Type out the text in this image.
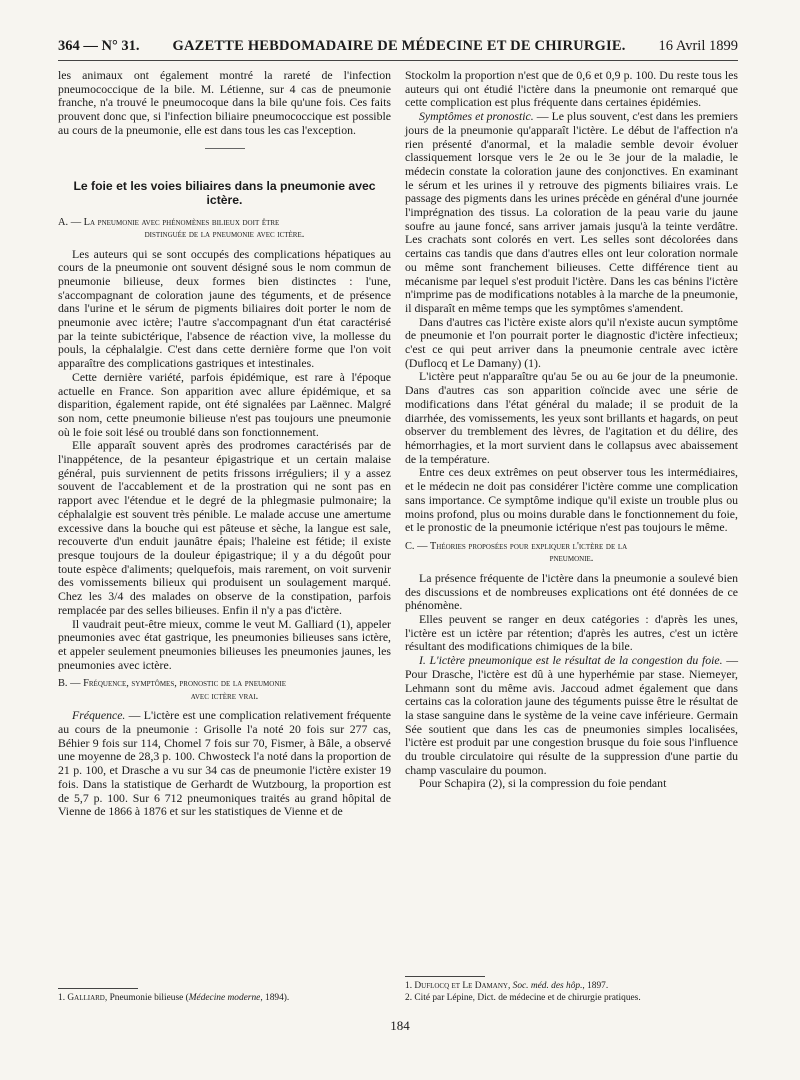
364 — N° 31. GAZETTE HEBDOMADAIRE DE MÉDECINE ET DE CHIRURGIE. 16 Avril 1899

les animaux ont également montré la rareté de l'infection pneumococcique de la bile. M. Létienne, sur 4 cas de pneumonie franche, n'a trouvé le pneumocoque dans la bile qu'une fois. Ces faits prouvent donc que, si l'infection biliaire pneumococcique est possible au cours de la pneumonie, elle est dans tous les cas l'exception.

Le foie et les voies biliaires dans la pneumonie avec ictère.
A. — La pneumonie avec phénomènes bilieux doit être
distinguée de la pneumonie avec ictère.

Les auteurs qui se sont occupés des complications hépatiques au cours de la pneumonie ont souvent désigné sous le nom commun de pneumonie bilieuse, deux formes bien distinctes : l'une, s'accompagnant de coloration jaune des téguments, et de présence dans l'urine et le sérum de pigments biliaires doit porter le nom de pneumonie avec ictère; l'autre s'accompagnant d'un état caractérisé par la teinte subictérique, l'absence de réaction vive, la mollesse du pouls, la céphalalgie. C'est dans cette dernière forme que l'on voit apparaître des complications gastriques et intestinales.

Cette dernière variété, parfois épidémique, est rare à l'époque actuelle en France. Son apparition avec allure épidémique, et sa disparition, également rapide, ont été signalées par Laënnec. Malgré son nom, cette pneumonie bilieuse n'est pas toujours une pneumonie où le foie soit lésé ou troublé dans son fonctionnement.

Elle apparaît souvent après des prodromes caractérisés par de l'inappétence, de la pesanteur épigastrique et un certain malaise général, puis surviennent de petits frissons irréguliers; il y a assez souvent de l'accablement et de la prostration qui ne sont pas en rapport avec l'étendue et le degré de la phlegmasie pulmonaire; la céphalalgie est souvent très pénible. Le malade accuse une amertume excessive dans la bouche qui est pâteuse et sèche, la langue est sale, recouverte d'un enduit jaunâtre épais; l'haleine est fétide; il existe presque toujours de la douleur épigastrique; il y a du dégoût pour toute espèce d'aliments; quelquefois, mais rarement, on voit survenir des vomissements bilieux qui produisent un soulagement marqué. Chez les 3/4 des malades on observe de la constipation, parfois remplacée par des selles bilieuses. Enfin il n'y a pas d'ictère.

Il vaudrait peut-être mieux, comme le veut M. Galliard (1), appeler pneumonies avec état gastrique, les pneumonies bilieuses sans ictère, et appeler seulement pneumonies bilieuses les pneumonies jaunes, les pneumonies avec ictère.

B. — Fréquence, symptômes, pronostic de la pneumonie
avec ictère vrai.

Fréquence. — L'ictère est une complication relativement fréquente au cours de la pneumonie : Grisolle l'a noté 20 fois sur 277 cas, Béhier 9 fois sur 114, Chomel 7 fois sur 70, Fismer, à Bâle, a observé une moyenne de 28,3 p. 100. Chwosteck l'a noté dans la proportion de 21 p. 100, et Drasche a vu sur 34 cas de pneumonie l'ictère exister 19 fois. Dans la statistique de Gerhardt de Wutzbourg, la proportion est de 5,7 p. 100. Sur 6 712 pneumoniques traités au grand hôpital de Vienne de 1866 à 1876 et sur les statistiques de Vienne et de

1. Galliard, Pneumonie bilieuse (Médecine moderne, 1894).

Stockolm la proportion n'est que de 0,6 et 0,9 p. 100. Du reste tous les auteurs qui ont étudié l'ictère dans la pneumonie ont remarqué que cette complication est plus fréquente dans certaines épidémies.

Symptômes et pronostic. — Le plus souvent, c'est dans les premiers jours de la pneumonie qu'apparaît l'ictère. Le début de l'affection n'a rien présenté d'anormal, et la maladie semble devoir évoluer classiquement lorsque vers le 2e ou le 3e jour de la maladie, le médecin constate la coloration jaune des conjonctives. En examinant le sérum et les urines il y retrouve des pigments biliaires vrais. Le passage des pigments dans les urines précède en général d'une journée l'imprégnation des tissus. La coloration de la peau varie du jaune soufre au jaune foncé, sans arriver jamais jusqu'à la teinte verdâtre. Les crachats sont colorés en vert. Les selles sont décolorées dans certains cas tandis que dans d'autres elles ont leur coloration normale ou même sont franchement bilieuses. Cette différence tient au mécanisme par lequel s'est produit l'ictère. Dans les cas bénins l'ictère n'imprime pas de modifications notables à la marche de la pneumonie, il disparaît en même temps que les symptômes s'amendent.

Dans d'autres cas l'ictère existe alors qu'il n'existe aucun symptôme de pneumonie et l'on pourrait porter le diagnostic d'ictère infectieux; c'est ce qui peut arriver dans la pneumonie centrale avec ictère (Duflocq et Le Damany) (1).

L'ictère peut n'apparaître qu'au 5e ou au 6e jour de la pneumonie. Dans d'autres cas son apparition coïncide avec une série de modifications dans l'état général du malade; il se produit de la diarrhée, des vomissements, les yeux sont brillants et hagards, on peut observer du tremblement des lèvres, de l'agitation et du délire, des hémorrhagies, et la mort survient dans le collapsus avec abaissement de la température.

Entre ces deux extrêmes on peut observer tous les intermédiaires, et le médecin ne doit pas considérer l'ictère comme une complication sans importance. Ce symptôme indique qu'il existe un trouble plus ou moins profond, plus ou moins durable dans le fonctionnement du foie, et le pronostic de la pneumonie ictérique n'est pas toujours le même.

C. — Théories proposées pour expliquer l'ictère de la
pneumonie.

La présence fréquente de l'ictère dans la pneumonie a soulevé bien des discussions et de nombreuses explications ont été données de ce phénomène.

Elles peuvent se ranger en deux catégories : d'après les unes, l'ictère est un ictère par rétention; d'après les autres, c'est un ictère résultant des modifications chimiques de la bile.

I. L'ictère pneumonique est le résultat de la congestion du foie. — Pour Drasche, l'ictère est dû à une hyperhémie par stase. Niemeyer, Lehmann sont du même avis. Jaccoud admet également que dans certains cas la coloration jaune des téguments puisse être le résultat de la stase sanguine dans le système de la veine cave inférieure. Germain Sée soutient que dans les cas de pneumonies simples localisées, l'ictère est produit par une congestion brusque du foie sous l'influence du trouble circulatoire qui résulte de la suppression d'une partie du champ vasculaire du poumon.

Pour Schapira (2), si la compression du foie pendant

1. Duflocq et Le Damany, Soc. méd. des hôp., 1897.
2. Cité par Lépine, Dict. de médecine et de chirurgie pratiques.
184
